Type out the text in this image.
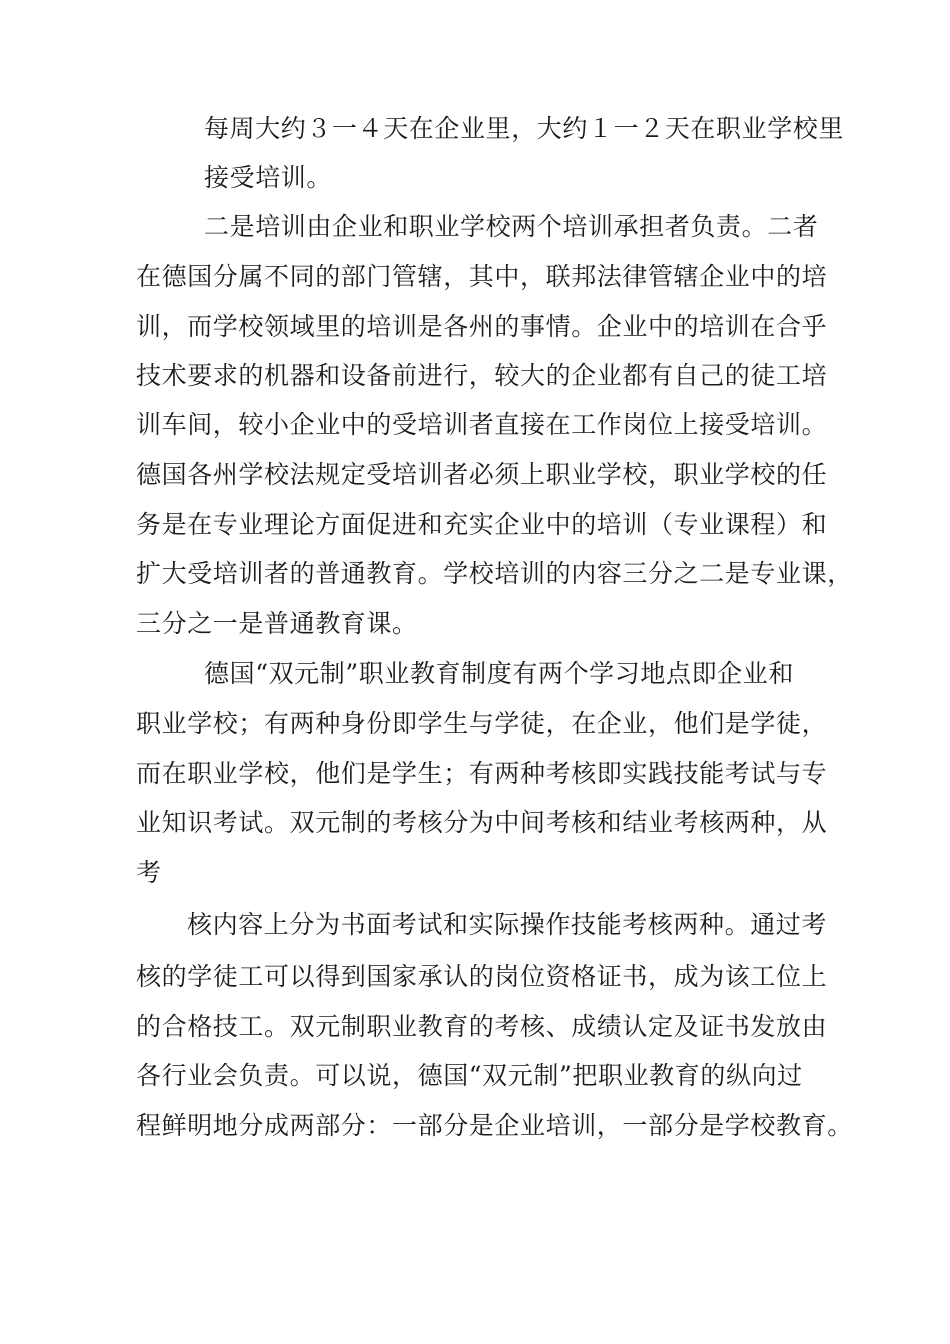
每周大约３一４天在企业里，大约１一２天在职业学校里
接受培训。
二是培训由企业和职业学校两个培训承担者负责。二者
在德国分属不同的部门管辖，其中，联邦法律管辖企业中的培
训，而学校领域里的培训是各州的事情。企业中的培训在合乎
技术要求的机器和设备前进行，较大的企业都有自己的徒工培
训车间，较小企业中的受培训者直接在工作岗位上接受培训。
德国各州学校法规定受培训者必须上职业学校，职业学校的任
务是在专业理论方面促进和充实企业中的培训（专业课程）和
扩大受培训者的普通教育。学校培训的内容三分之二是专业课，
三分之一是普通教育课。
德国“双元制”职业教育制度有两个学习地点即企业和
职业学校；有两种身份即学生与学徒，在企业，他们是学徒，
而在职业学校，他们是学生；有两种考核即实践技能考试与专
业知识考试。双元制的考核分为中间考核和结业考核两种，从
考
核内容上分为书面考试和实际操作技能考核两种。通过考
核的学徒工可以得到国家承认的岗位资格证书，成为该工位上
的合格技工。双元制职业教育的考核、成绩认定及证书发放由
各行业会负责。可以说，德国“双元制”把职业教育的纵向过
程鲜明地分成两部分：一部分是企业培训，一部分是学校教育。
